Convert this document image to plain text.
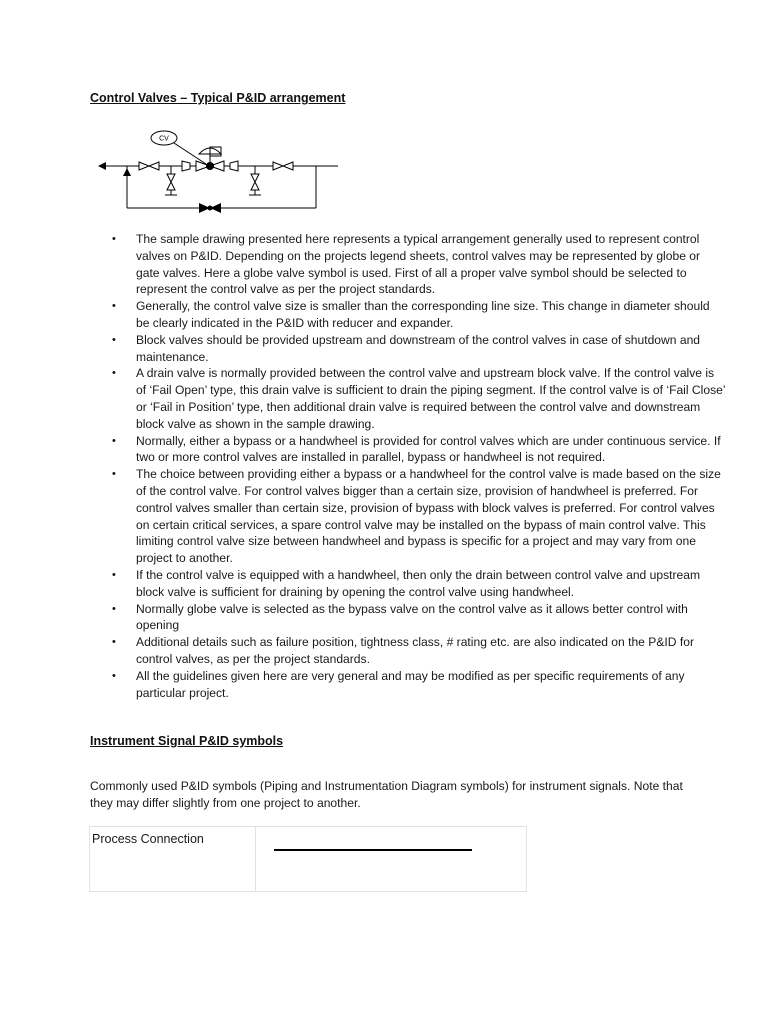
Control Valves – Typical P&ID arrangement
CV
• The sample drawing presented here represents a typical arrangement generally used to represent control valves on P&ID. Depending on the projects legend sheets, control valves may be represented by globe or gate valves. Here a globe valve symbol is used. First of all a proper valve symbol should be selected to represent the control valve as per the project standards.
• Generally, the control valve size is smaller than the corresponding line size. This change in diameter should be clearly indicated in the P&ID with reducer and expander.
• Block valves should be provided upstream and downstream of the control valves in case of shutdown and maintenance.
• A drain valve is normally provided between the control valve and upstream block valve. If the control valve is of ‘Fail Open’ type, this drain valve is sufficient to drain the piping segment. If the control valve is of ‘Fail Close’ or ‘Fail in Position’ type, then additional drain valve is required between the control valve and downstream block valve as shown in the sample drawing.
• Normally, either a bypass or a handwheel is provided for control valves which are under continuous service. If two or more control valves are installed in parallel, bypass or handwheel is not required.
• The choice between providing either a bypass or a handwheel for the control valve is made based on the size of the control valve. For control valves bigger than a certain size, provision of handwheel is preferred. For control valves smaller than certain size, provision of bypass with block valves is preferred. For control valves on certain critical services, a spare control valve may be installed on the bypass of main control valve. This limiting control valve size between handwheel and bypass is specific for a project and may vary from one project to another.
• If the control valve is equipped with a handwheel, then only the drain between control valve and upstream block valve is sufficient for draining by opening the control valve using handwheel.
• Normally globe valve is selected as the bypass valve on the control valve as it allows better control with opening
• Additional details such as failure position, tightness class, # rating etc. are also indicated on the P&ID for control valves, as per the project standards.
• All the guidelines given here are very general and may be modified as per specific requirements of any particular project.
Instrument Signal P&ID symbols

Commonly used P&ID symbols (Piping and Instrumentation Diagram symbols) for instrument signals. Note that they may differ slightly from one project to another.

Process Connection	
